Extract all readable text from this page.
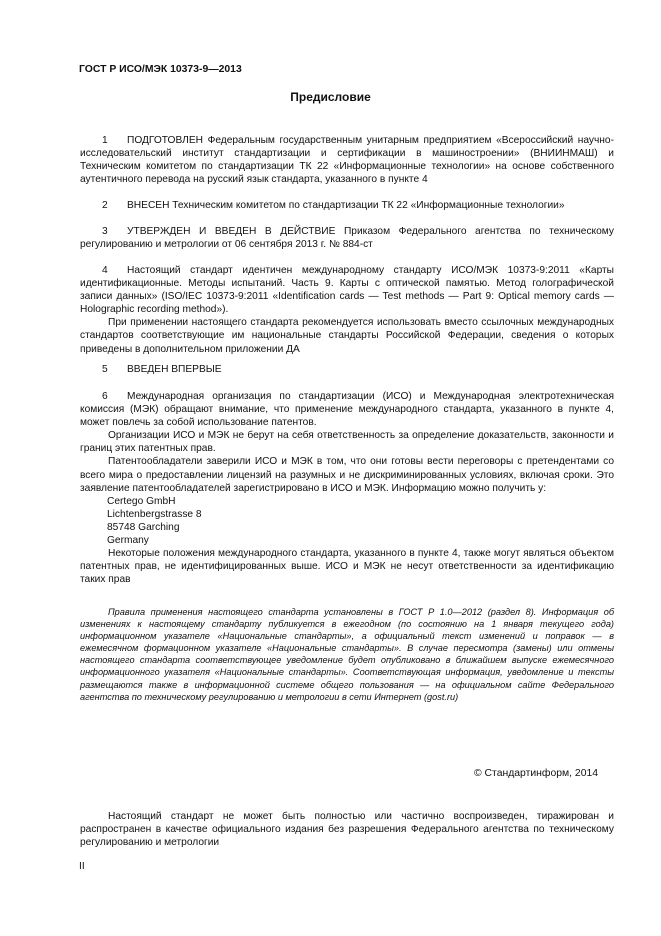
ГОСТ Р ИСО/МЭК 10373-9—2013
Предисловие
1 ПОДГОТОВЛЕН Федеральным государственным унитарным предприятием «Всероссийский научно-исследовательский институт стандартизации и сертификации в машиностроении» (ВНИИНМАШ) и Техническим комитетом по стандартизации ТК 22 «Информационные технологии» на основе собственного аутентичного перевода на русский язык стандарта, указанного в пункте 4
2 ВНЕСЕН Техническим комитетом по стандартизации ТК 22 «Информационные технологии»
3 УТВЕРЖДЕН И ВВЕДЕН В ДЕЙСТВИЕ Приказом Федерального агентства по техническому регулированию и метрологии от 06 сентября 2013 г. № 884-ст
4 Настоящий стандарт идентичен международному стандарту ИСО/МЭК 10373-9:2011 «Карты идентификационные. Методы испытаний. Часть 9. Карты с оптической памятью. Метод голографической записи данных» (ISO/IEC 10373-9:2011 «Identification cards — Test methods — Part 9: Optical memory cards — Holographic recording method»).
При применении настоящего стандарта рекомендуется использовать вместо ссылочных международных стандартов соответствующие им национальные стандарты Российской Федерации, сведения о которых приведены в дополнительном приложении ДА
5 ВВЕДЕН ВПЕРВЫЕ
6 Международная организация по стандартизации (ИСО) и Международная электротехническая комиссия (МЭК) обращают внимание, что применение международного стандарта, указанного в пункте 4, может повлечь за собой использование патентов.
Организации ИСО и МЭК не берут на себя ответственность за определение доказательств, законности и границ этих патентных прав.
Патентообладатели заверили ИСО и МЭК в том, что они готовы вести переговоры с претендентами со всего мира о предоставлении лицензий на разумных и не дискриминированных условиях, включая сроки. Это заявление патентообладателей зарегистрировано в ИСО и МЭК. Информацию можно получить у:
Certego GmbH
Lichtenbergstrasse 8
85748 Garching
Germany
Некоторые положения международного стандарта, указанного в пункте 4, также могут являться объектом патентных прав, не идентифицированных выше. ИСО и МЭК не несут ответственности за идентификацию таких прав
Правила применения настоящего стандарта установлены в ГОСТ Р 1.0—2012 (раздел 8). Информация об изменениях к настоящему стандарту публикуется в ежегодном (по состоянию на 1 января текущего года) информационном указателе «Национальные стандарты», а официальный текст изменений и поправок — в ежемесячном формационном указателе «Национальные стандарты». В случае пересмотра (замены) или отмены настоящего стандарта соответствующее уведомление будет опубликовано в ближайшем выпуске ежемесячного информационного указателя «Национальные стандарты». Соответствующая информация, уведомление и тексты размещаются также в информационной системе общего пользования — на официальном сайте Федерального агентства по техническому регулированию и метрологии в сети Интернет (gost.ru)
© Стандартинформ, 2014
Настоящий стандарт не может быть полностью или частично воспроизведен, тиражирован и распространен в качестве официального издания без разрешения Федерального агентства по техническому регулированию и метрологии
II
